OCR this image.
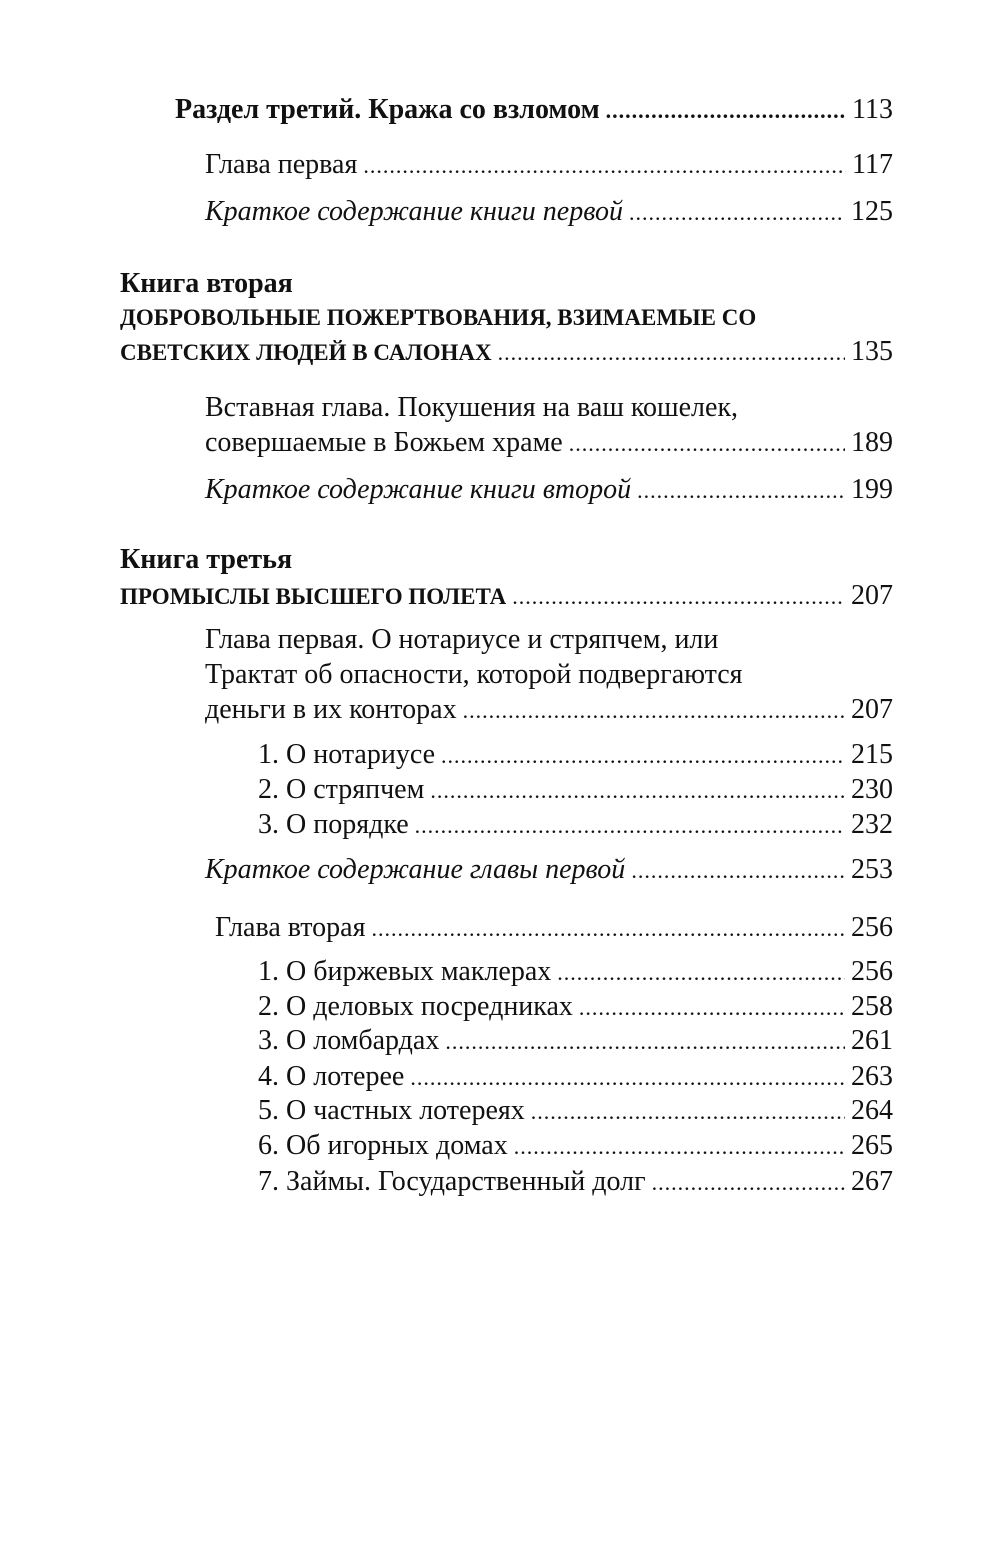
Раздел третий. Кража со взломом .....	113
Глава первая .....	117
Краткое содержание книги первой .....	125
Книга вторая
ДОБРОВОЛЬНЫЕ ПОЖЕРТВОВАНИЯ, ВЗИМАЕМЫЕ СО
СВЕТСКИХ ЛЮДЕЙ В САЛОНАХ .....	135
Вставная глава. Покушения на ваш кошелек,
совершаемые в Божьем храме .....	189
Краткое содержание книги второй .....	199
Книга третья
ПРОМЫСЛЫ ВЫСШЕГО ПОЛЕТА .....	207
Глава первая. О нотариусе и стряпчем, или
Трактат об опасности, которой подвергаются
деньги в их конторах .....	207
1. О нотариусе .....	215
2. О стряпчем .....	230
3. О порядке .....	232
Краткое содержание главы первой .....	253
Глава вторая .....	256
1. О биржевых маклерах .....	256
2. О деловых посредниках .....	258
3. О ломбардах .....	261
4. О лотерее .....	263
5. О частных лотереях .....	264
6. Об игорных домах .....	265
7. Займы. Государственный долг .....	267
